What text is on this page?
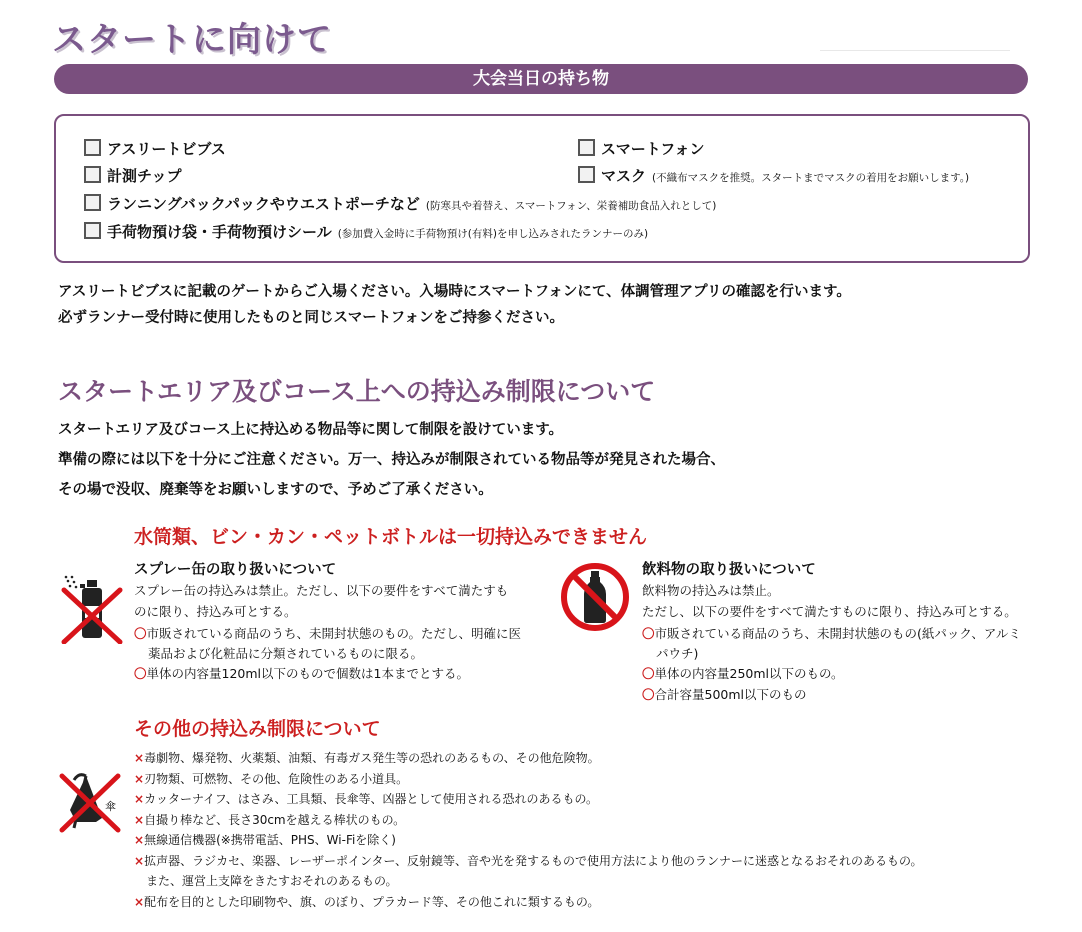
スタートに向けて
大会当日の持ち物
アスリートビブス	スマートフォン
計測チップ	マスク (不織布マスクを推奨。スタートまでマスクの着用をお願いします。)
ランニングバックパックやウエストポーチなど (防寒具や着替え、スマートフォン、栄養補助食品入れとして)
手荷物預け袋・手荷物預けシール (参加費入金時に手荷物預け(有料)を申し込みされたランナーのみ)
アスリートビブスに記載のゲートからご入場ください。入場時にスマートフォンにて、体調管理アプリの確認を行います。
必ずランナー受付時に使用したものと同じスマートフォンをご持参ください。
スタートエリア及びコース上への持込み制限について
スタートエリア及びコース上に持込める物品等に関して制限を設けています。
準備の際には以下を十分にご注意ください。万一、持込みが制限されている物品等が発見された場合、
その場で没収、廃棄等をお願いしますので、予めご了承ください。
水筒類、ビン・カン・ペットボトルは一切持込みできません
スプレー缶の取り扱いについて
スプレー缶の持込みは禁止。ただし、以下の要件をすべて満たすも
のに限り、持込み可とする。
〇市販されている商品のうち、未開封状態のもの。ただし、明確に医
薬品および化粧品に分類されているものに限る。
〇単体の内容量120ml以下のもので個数は1本までとする。
飲料物の取り扱いについて
飲料物の持込みは禁止。
ただし、以下の要件をすべて満たすものに限り、持込み可とする。
〇市販されている商品のうち、未開封状態のもの(紙パック、アルミ
パウチ)
〇単体の内容量250ml以下のもの。
〇合計容量500ml以下のもの
その他の持込み制限について
傘
×毒劇物、爆発物、火薬類、油類、有毒ガス発生等の恐れのあるもの、その他危険物。
×刃物類、可燃物、その他、危険性のある小道具。
×カッターナイフ、はさみ、工具類、長傘等、凶器として使用される恐れのあるもの。
×自撮り棒など、長さ30cmを越える棒状のもの。
×無線通信機器(※携帯電話、PHS、Wi-Fiを除く)
×拡声器、ラジカセ、楽器、レーザーポインター、反射鏡等、音や光を発するもので使用方法により他のランナーに迷惑となるおそれのあるもの。
また、運営上支障をきたすおそれのあるもの。
×配布を目的とした印刷物や、旗、のぼり、プラカード等、その他これに類するもの。
